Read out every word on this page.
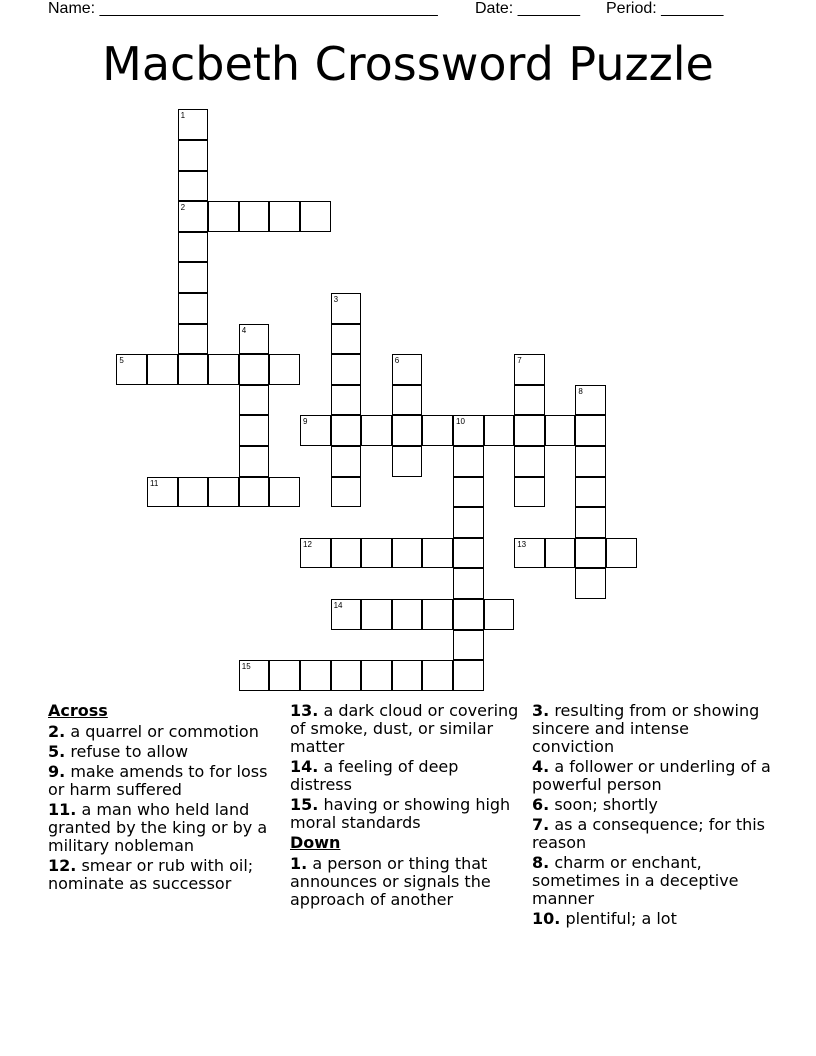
Name: ______________________________________ Date: _______ Period: _______
Macbeth Crossword Puzzle
1
2
3
4
5	6	7
8
9	10
11
12	13
14
15
Across
2. a quarrel or commotion
5. refuse to allow
9. make amends to for loss or harm suffered
11. a man who held land granted by the king or by a military nobleman
12. smear or rub with oil; nominate as successor
13. a dark cloud or covering of smoke, dust, or similar matter
14. a feeling of deep distress
15. having or showing high moral standards
Down
1. a person or thing that announces or signals the approach of another
3. resulting from or showing sincere and intense conviction
4. a follower or underling of a powerful person
6. soon; shortly
7. as a consequence; for this reason
8. charm or enchant, sometimes in a deceptive manner
10. plentiful; a lot
